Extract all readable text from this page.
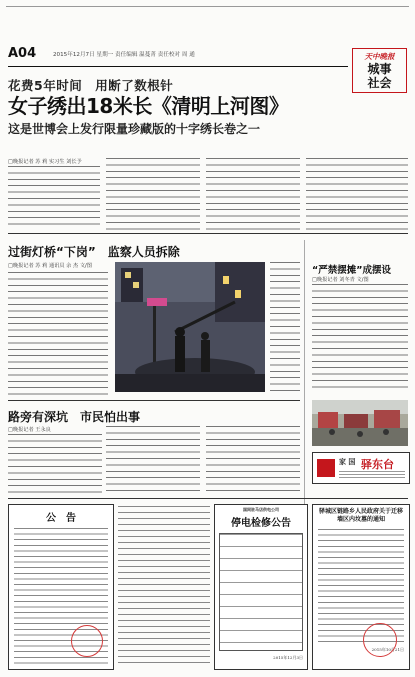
A04	2015年12月7日 星期一 责任编辑 温蔓菁 责任校对 周 通	天中晚报
城事
社会
花费5年时间　用断了数根针
女子绣出18米长《清明上河图》
这是世博会上发行限量珍藏版的十字绣长卷之一
□晚报记者 苏 莉 实习生 刘长予
过街灯桥“下岗”　监察人员拆除
□晚报记者 苏 莉 通讯员 余 杰 文/图	“严禁摆摊”成摆设
□晚报记者 刘冬青 文/图
家 国 驿东台
路旁有深坑　市民怕出事
□晚报记者 王永良
公　告
国网驻马店供电公司
停电检修公告
2015年12月3日
驿城区链路乡人民政府关于迁移墙区内坟墓的通知
2015年10月21日
